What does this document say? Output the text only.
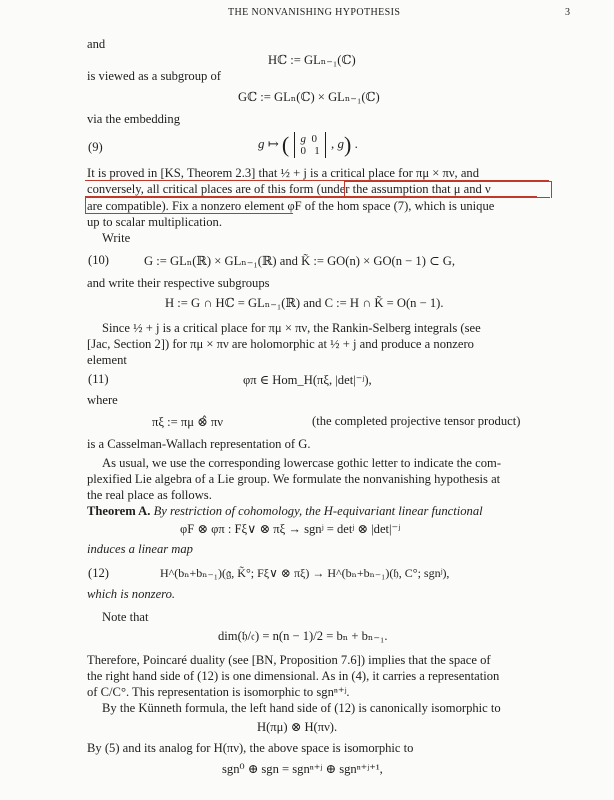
THE NONVANISHING HYPOTHESIS	3
and
Hℂ := GLₙ₋₁(ℂ)
is viewed as a subgroup of
Gℂ := GLₙ(ℂ) × GLₙ₋₁(ℂ)
via the embedding
(9)	g ↦ ( g  0
0   1 , g) .
It is proved in [KS, Theorem 2.3] that ½ + j is a critical place for πμ × πν, and
conversely, all critical places are of this form (under the assumption that μ and ν
are compatible). Fix a nonzero element φF of the hom space (7), which is unique
up to scalar multiplication.
Write
(10)	G := GLₙ(ℝ) × GLₙ₋₁(ℝ) and K̃ := GO(n) × GO(n − 1) ⊂ G,
and write their respective subgroups
H := G ∩ Hℂ = GLₙ₋₁(ℝ) and C := H ∩ K̃ = O(n − 1).
Since ½ + j is a critical place for πμ × πν, the Rankin-Selberg integrals (see
[Jac, Section 2]) for πμ × πν are holomorphic at ½ + j and produce a nonzero
element
(11)	φπ ∈ Hom_H(πξ, |det|⁻ʲ),
where
πξ := πμ ⊗̂ πν	(the completed projective tensor product)
is a Casselman-Wallach representation of G.
As usual, we use the corresponding lowercase gothic letter to indicate the com-
plexified Lie algebra of a Lie group. We formulate the nonvanishing hypothesis at
the real place as follows.
Theorem A. By restriction of cohomology, the H-equivariant linear functional
φF ⊗ φπ : Fξ∨ ⊗ πξ → sgnʲ = detʲ ⊗ |det|⁻ʲ
induces a linear map
(12)	H^(bₙ+bₙ₋₁)(𝔤, K̃°; Fξ∨ ⊗ πξ) → H^(bₙ+bₙ₋₁)(𝔥, C°; sgnʲ),
which is nonzero.
Note that
dim(𝔥/𝔠) = n(n − 1)/2 = bₙ + bₙ₋₁.
Therefore, Poincaré duality (see [BN, Proposition 7.6]) implies that the space of
the right hand side of (12) is one dimensional. As in (4), it carries a representation
of C/C°. This representation is isomorphic to sgnⁿ⁺ʲ.
By the Künneth formula, the left hand side of (12) is canonically isomorphic to
H(πμ) ⊗ H(πν).
By (5) and its analog for H(πν), the above space is isomorphic to
sgn⁰ ⊕ sgn = sgnⁿ⁺ʲ ⊕ sgnⁿ⁺ʲ⁺¹,
